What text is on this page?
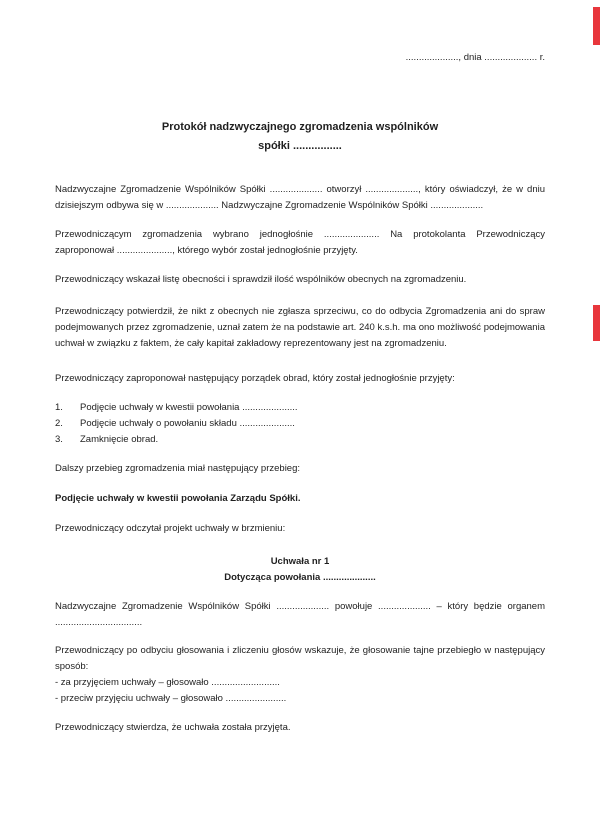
...................., dnia .................... r.
Protokół nadzwyczajnego zgromadzenia wspólników
spółki ................

Nadzwyczajne Zgromadzenie Wspólników Spółki .................... otworzył ...................., który oświadczył, że w dniu dzisiejszym odbywa się w .................... Nadzwyczajne Zgromadzenie Wspólników Spółki ....................

Przewodniczącym zgromadzenia wybrano jednogłośnie ..................... Na protokolanta Przewodniczący zaproponował ....................., którego wybór został jednogłośnie przyjęty.

Przewodniczący wskazał listę obecności i sprawdził ilość wspólników obecnych na zgromadzeniu.

Przewodniczący potwierdził, że nikt z obecnych nie zgłasza sprzeciwu, co do odbycia Zgromadzenia ani do spraw podejmowanych przez zgromadzenie, uznał zatem że na podstawie art. 240 k.s.h. ma ono możliwość podejmowania uchwał w związku z faktem, że cały kapitał zakładowy reprezentowany jest na zgromadzeniu.

Przewodniczący zaproponował następujący porządek obrad, który został jednogłośnie przyjęty:

1.	Podjęcie uchwały w kwestii powołania .....................
2.	Podjęcie uchwały o powołaniu składu .....................
3.	Zamknięcie obrad.

Dalszy przebieg zgromadzenia miał następujący przebieg:

Podjęcie uchwały w kwestii powołania Zarządu Spółki.

Przewodniczący odczytał projekt uchwały w brzmieniu:

Uchwała nr 1
Dotycząca powołania ....................

Nadzwyczajne Zgromadzenie Wspólników Spółki .................... powołuje .................... – który będzie organem .................................

Przewodniczący po odbyciu głosowania i zliczeniu głosów wskazuje, że głosowanie tajne przebiegło w następujący sposób:

- za przyjęciem uchwały – głosowało ..........................

- przeciw przyjęciu uchwały – głosowało .......................

Przewodniczący stwierdza, że uchwała została przyjęta.
